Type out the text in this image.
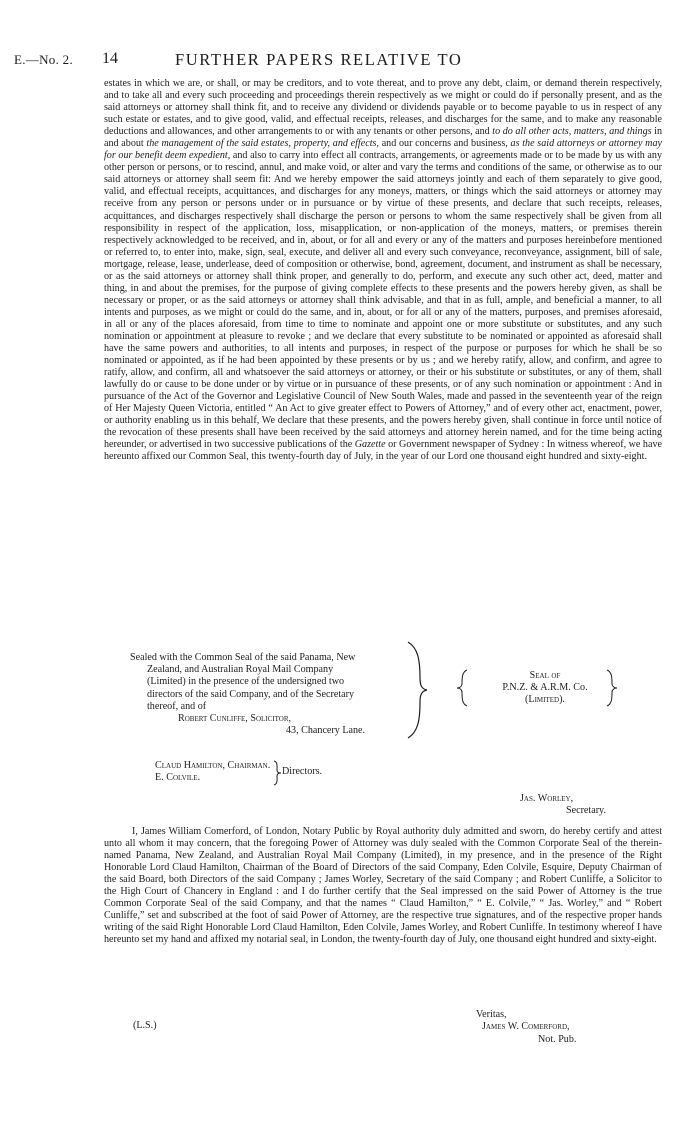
E.—No. 2. 14	FURTHER PAPERS RELATIVE TO

estates in which we are, or shall, or may be creditors, and to vote thereat, and to prove any debt, claim, or demand therein respectively, and to take all and every such proceeding and proceedings therein respectively as we might or could do if personally present, and as the said attorneys or attorney shall think fit, and to receive any dividend or dividends payable or to become payable to us in respect of any such estate or estates, and to give good, valid, and effectual receipts, releases, and discharges for the same, and to make any reasonable deductions and allowances, and other arrangements to or with any tenants or other persons, and to do all other acts, matters, and things in and about the management of the said estates, property, and effects, and our concerns and business, as the said attorneys or attorney may for our benefit deem expedient, and also to carry into effect all contracts, arrangements, or agreements made or to be made by us with any other person or persons, or to rescind, annul, and make void, or alter and vary the terms and conditions of the same, or otherwise as to our said attorneys or attorney shall seem fit: And we hereby empower the said attorneys jointly and each of them separately to give good, valid, and effectual receipts, acquittances, and discharges for any moneys, matters, or things which the said attorneys or attorney may receive from any person or persons under or in pursuance or by virtue of these presents, and declare that such receipts, releases, acquittances, and discharges respectively shall discharge the person or persons to whom the same respectively shall be given from all responsibility in respect of the application, loss, misapplication, or non-application of the moneys, matters, or premises therein respectively acknowledged to be received, and in, about, or for all and every or any of the matters and purposes hereinbefore mentioned or referred to, to enter into, make, sign, seal, execute, and deliver all and every such conveyance, reconveyance, assignment, bill of sale, mortgage, release, lease, underlease, deed of composition or otherwise, bond, agreement, document, and instrument as shall be necessary, or as the said attorneys or attorney shall think proper, and generally to do, perform, and execute any such other act, deed, matter and thing, in and about the premises, for the purpose of giving complete effects to these presents and the powers hereby given, as shall be necessary or proper, or as the said attorneys or attorney shall think advisable, and that in as full, ample, and beneficial a manner, to all intents and purposes, as we might or could do the same, and in, about, or for all or any of the matters, purposes, and premises aforesaid, in all or any of the places aforesaid, from time to time to nominate and appoint one or more substitute or substitutes, and any such nomination or appointment at pleasure to revoke ; and we declare that every substitute to be nominated or appointed as aforesaid shall have the same powers and authorities, to all intents and purposes, in respect of the purpose or purposes for which he shall be so nominated or appointed, as if he had been appointed by these presents or by us ; and we hereby ratify, allow, and confirm, and agree to ratify, allow, and confirm, all and whatsoever the said attorneys or attorney, or their or his substitute or substitutes, or any of them, shall lawfully do or cause to be done under or by virtue or in pursuance of these presents, or of any such nomination or appointment : And in pursuance of the Act of the Governor and Legislative Council of New South Wales, made and passed in the seventeenth year of the reign of Her Majesty Queen Victoria, entitled “ An Act to give greater effect to Powers of Attorney,” and of every other act, enactment, power, or authority enabling us in this behalf, We declare that these presents, and the powers hereby given, shall continue in force until notice of the revocation of these presents shall have been received by the said attorneys and attorney herein named, and for the time being acting hereunder, or advertised in two successive publications of the Gazette or Government newspaper of Sydney : In witness whereof, we have hereunto affixed our Common Seal, this twenty-fourth day of July, in the year of our Lord one thousand eight hundred and sixty-eight.

Sealed with the Common Seal of the said Panama, New
Zealand, and Australian Royal Mail Company
(Limited) in the presence of the undersigned two
directors of the said Company, and of the Secretary
thereof, and of
Robert Cunliffe, Solicitor,
43, Chancery Lane.
Seal of
P.N.Z. & A.R.M. Co.
(Limited).
Claud Hamilton, Chairman.
E. Colvile.
Directors.
Jas. Worley,
Secretary.

I, James William Comerford, of London, Notary Public by Royal authority duly admitted and sworn, do hereby certify and attest unto all whom it may concern, that the foregoing Power of Attorney was duly sealed with the Common Corporate Seal of the therein-named Panama, New Zealand, and Australian Royal Mail Company (Limited), in my presence, and in the presence of the Right Honorable Lord Claud Hamilton, Chairman of the Board of Directors of the said Company, Eden Colvile, Esquire, Deputy Chairman of the said Board, both Directors of the said Company ; James Worley, Secretary of the said Company ; and Robert Cunliffe, a Solicitor to the High Court of Chancery in England : and I do further certify that the Seal impressed on the said Power of Attorney is the true Common Corporate Seal of the said Company, and that the names “ Claud Hamilton,” “ E. Colvile,” “ Jas. Worley,” and “ Robert Cunliffe,” set and subscribed at the foot of said Power of Attorney, are the respective true signatures, and of the respective proper hands writing of the said Right Honorable Lord Claud Hamilton, Eden Colvile, James Worley, and Robert Cunliffe. In testimony whereof I have hereunto set my hand and affixed my notarial seal, in London, the twenty-fourth day of July, one thousand eight hundred and sixty-eight.

Veritas,
James W. Comerford,
Not. Pub.
(L.S.)
